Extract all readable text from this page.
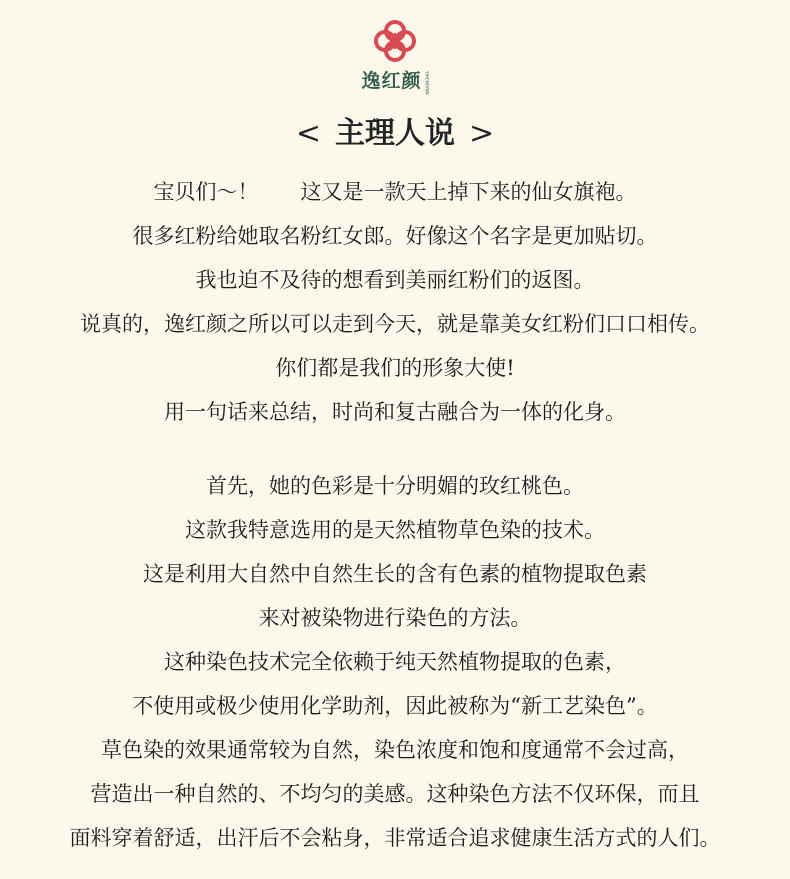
逸红颜 YIHONGYAN
< 主理人说 >
宝贝们～！　　这又是一款天上掉下来的仙女旗袍。
很多红粉给她取名粉红女郎。好像这个名字是更加贴切。
我也迫不及待的想看到美丽红粉们的返图。
说真的，逸红颜之所以可以走到今天，就是靠美女红粉们口口相传。
你们都是我们的形象大使!
用一句话来总结，时尚和复古融合为一体的化身。
首先，她的色彩是十分明媚的玫红桃色。
这款我特意选用的是天然植物草色染的技术。
这是利用大自然中自然生长的含有色素的植物提取色素
来对被染物进行染色的方法。
这种染色技术完全依赖于纯天然植物提取的色素，
不使用或极少使用化学助剂，因此被称为“新工艺染色”。
草色染的效果通常较为自然，染色浓度和饱和度通常不会过高，
营造出一种自然的、不均匀的美感。这种染色方法不仅环保，而且
面料穿着舒适，出汗后不会粘身，非常适合追求健康生活方式的人们。
